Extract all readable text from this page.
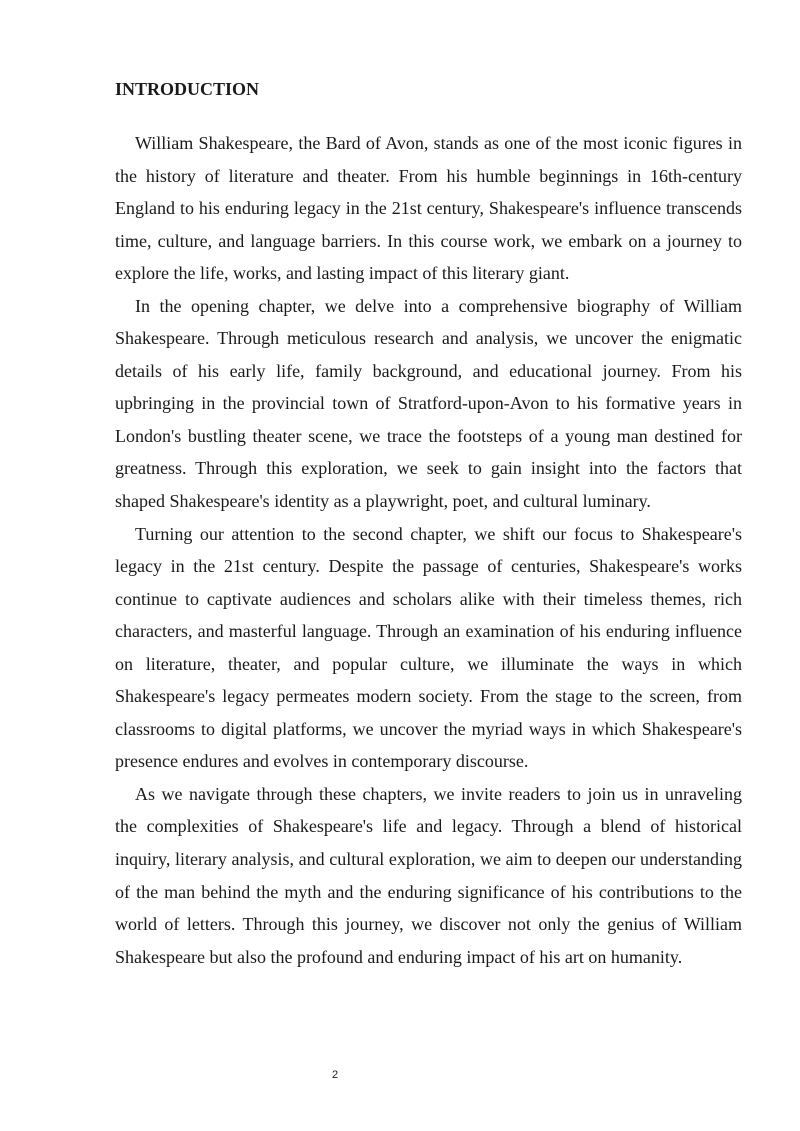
INTRODUCTION

William Shakespeare, the Bard of Avon, stands as one of the most iconic figures in the history of literature and theater. From his humble beginnings in 16th-century England to his enduring legacy in the 21st century, Shakespeare's influence transcends time, culture, and language barriers. In this course work, we embark on a journey to explore the life, works, and lasting impact of this literary giant.

In the opening chapter, we delve into a comprehensive biography of William Shakespeare. Through meticulous research and analysis, we uncover the enigmatic details of his early life, family background, and educational journey. From his upbringing in the provincial town of Stratford-upon-Avon to his formative years in London's bustling theater scene, we trace the footsteps of a young man destined for greatness. Through this exploration, we seek to gain insight into the factors that shaped Shakespeare's identity as a playwright, poet, and cultural luminary.

Turning our attention to the second chapter, we shift our focus to Shakespeare's legacy in the 21st century. Despite the passage of centuries, Shakespeare's works continue to captivate audiences and scholars alike with their timeless themes, rich characters, and masterful language. Through an examination of his enduring influence on literature, theater, and popular culture, we illuminate the ways in which Shakespeare's legacy permeates modern society. From the stage to the screen, from classrooms to digital platforms, we uncover the myriad ways in which Shakespeare's presence endures and evolves in contemporary discourse.

As we navigate through these chapters, we invite readers to join us in unraveling the complexities of Shakespeare's life and legacy. Through a blend of historical inquiry, literary analysis, and cultural exploration, we aim to deepen our understanding of the man behind the myth and the enduring significance of his contributions to the world of letters. Through this journey, we discover not only the genius of William Shakespeare but also the profound and enduring impact of his art on humanity.

2
